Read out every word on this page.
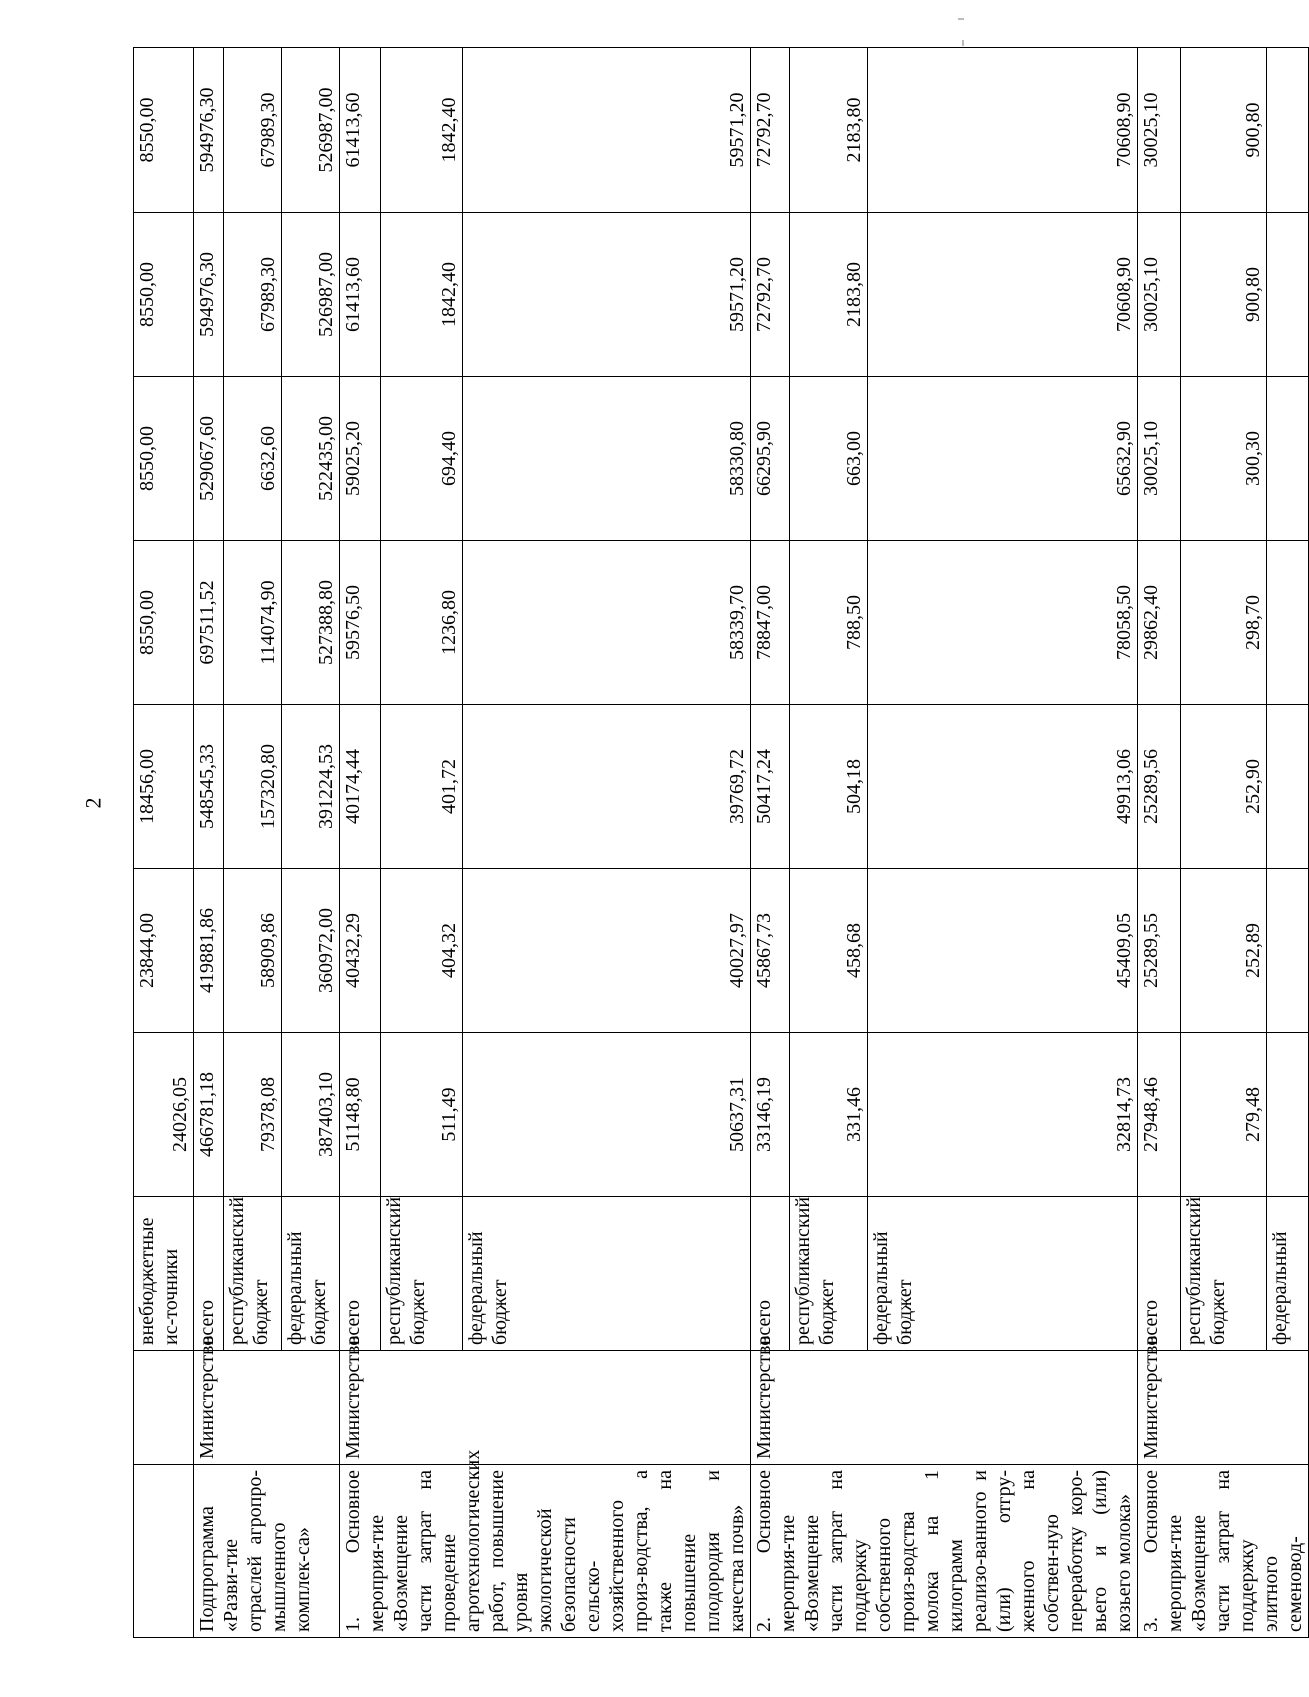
2
		внебюджетные ис-точники	24026,05	23844,00	18456,00	8550,00	8550,00	8550,00	8550,00
Подпрограмма «Разви-тие отраслей агропро-мышленного комплек-са»	Министерство	всего	466781,18	419881,86	548545,33	697511,52	529067,60	594976,30	594976,30
		республиканский бюджет	79378,08	58909,86	157320,80	114074,90	6632,60	67989,30	67989,30
		федеральный бюджет	387403,10	360972,00	391224,53	527388,80	522435,00	526987,00	526987,00
1. Основное мероприя-тие «Возмещение части затрат на проведение агротехнологических работ, повышение уровня экологической безопасности сельско-хозяйственного произ-водства, а также на повышение плодородия и качества почв»	Министерство	всего	51148,80	40432,29	40174,44	59576,50	59025,20	61413,60	61413,60
		республиканский бюджет	511,49	404,32	401,72	1236,80	694,40	1842,40	1842,40
		федеральный бюджет	50637,31	40027,97	39769,72	58339,70	58330,80	59571,20	59571,20
2. Основное мероприя-тие «Возмещение части затрат на поддержку собственного произ-водства молока на 1 килограмм реализо-ванного и (или) отгру-женного на собствен-ную переработку коро-вьего и (или) козьего молока»	Министерство	всего	33146,19	45867,73	50417,24	78847,00	66295,90	72792,70	72792,70
		республиканский бюджет	331,46	458,68	504,18	788,50	663,00	2183,80	2183,80
		федеральный бюджет	32814,73	45409,05	49913,06	78058,50	65632,90	70608,90	70608,90
3. Основное мероприя-тие «Возмещение части затрат на поддержку элитного семеновод-	Министерство	всего	27948,46	25289,55	25289,56	29862,40	30025,10	30025,10	30025,10
		республиканский бюджет	279,48	252,89	252,90	298,70	300,30	900,80	900,80
		федеральный							
